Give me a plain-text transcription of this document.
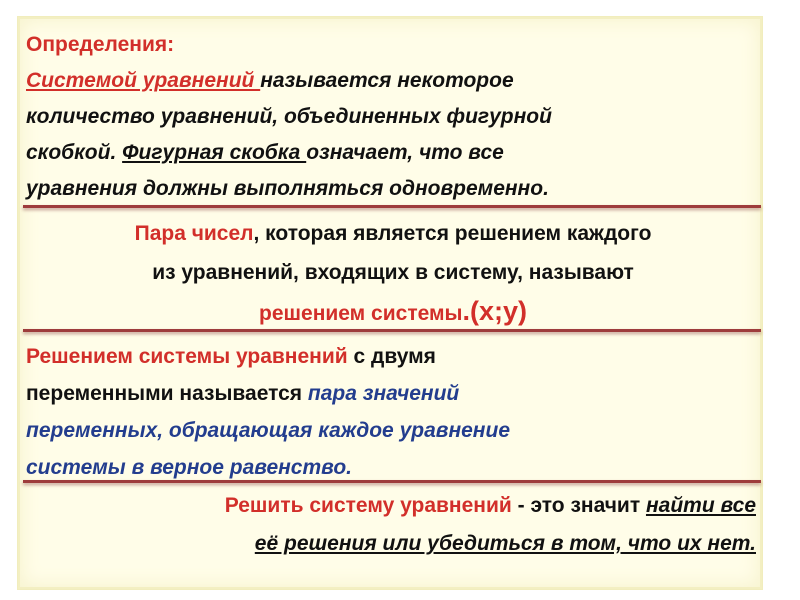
Определения:
Системой уравнений называется некоторое
количество уравнений, объединенных фигурной
скобкой. Фигурная скобка означает, что все
уравнения должны выполняться одновременно.
Пара чисел, которая является решением каждого
из уравнений, входящих в систему, называют
решением системы.(х;у)
Решением системы уравнений с двумя
переменными называется пара значений
переменных, обращающая каждое уравнение
системы в верное равенство.
Решить систему уравнений - это значит найти все
её решения или убедиться в том, что их нет.
